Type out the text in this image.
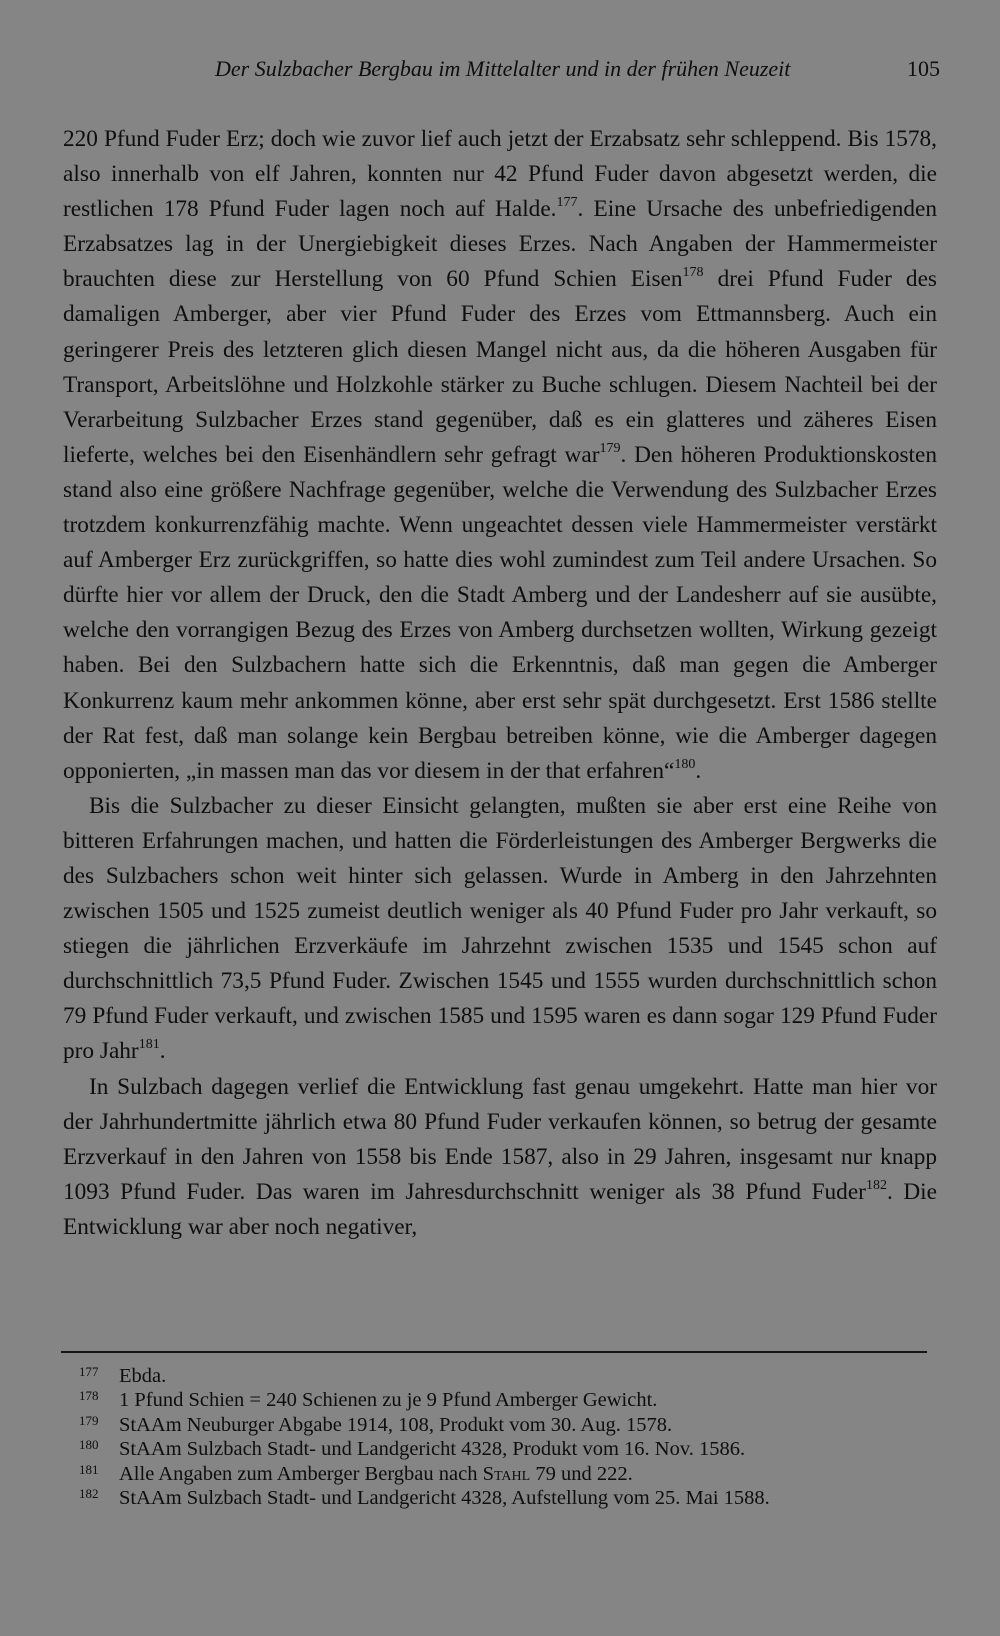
Der Sulzbacher Bergbau im Mittelalter und in der frühen Neuzeit	105

220 Pfund Fuder Erz; doch wie zuvor lief auch jetzt der Erzabsatz sehr schleppend. Bis 1578, also innerhalb von elf Jahren, konnten nur 42 Pfund Fuder davon abgesetzt werden, die restlichen 178 Pfund Fuder lagen noch auf Halde.$^{177}$. Eine Ursache des unbefriedigenden Erzabsatzes lag in der Unergiebigkeit dieses Erzes. Nach Angaben der Hammermeister brauchten diese zur Herstellung von 60 Pfund Schien Eisen$^{178}$ drei Pfund Fuder des damaligen Amberger, aber vier Pfund Fuder des Erzes vom Ettmannsberg. Auch ein geringerer Preis des letzteren glich diesen Mangel nicht aus, da die höheren Ausgaben für Transport, Arbeitslöhne und Holzkohle stärker zu Buche schlugen. Diesem Nachteil bei der Verarbeitung Sulzbacher Erzes stand gegenüber, daß es ein glatteres und zäheres Eisen lieferte, welches bei den Eisenhändlern sehr gefragt war$^{179}$. Den höheren Produktionskosten stand also eine größere Nachfrage gegenüber, welche die Verwendung des Sulzbacher Erzes trotzdem konkurrenzfähig machte. Wenn ungeachtet dessen viele Hammermeister verstärkt auf Amberger Erz zurückgriffen, so hatte dies wohl zumindest zum Teil andere Ursachen. So dürfte hier vor allem der Druck, den die Stadt Amberg und der Landesherr auf sie ausübte, welche den vorrangigen Bezug des Erzes von Amberg durchsetzen wollten, Wirkung gezeigt haben. Bei den Sulzbachern hatte sich die Erkenntnis, daß man gegen die Amberger Konkurrenz kaum mehr ankommen könne, aber erst sehr spät durchgesetzt. Erst 1586 stellte der Rat fest, daß man solange kein Bergbau betreiben könne, wie die Amberger dagegen opponierten, „in massen man das vor diesem in der that erfahren“$^{180}$.

Bis die Sulzbacher zu dieser Einsicht gelangten, mußten sie aber erst eine Reihe von bitteren Erfahrungen machen, und hatten die Förderleistungen des Amberger Bergwerks die des Sulzbachers schon weit hinter sich gelassen. Wurde in Amberg in den Jahrzehnten zwischen 1505 und 1525 zumeist deutlich weniger als 40 Pfund Fuder pro Jahr verkauft, so stiegen die jährlichen Erzverkäufe im Jahrzehnt zwischen 1535 und 1545 schon auf durchschnittlich 73,5 Pfund Fuder. Zwischen 1545 und 1555 wurden durchschnittlich schon 79 Pfund Fuder verkauft, und zwischen 1585 und 1595 waren es dann sogar 129 Pfund Fuder pro Jahr$^{181}$.

In Sulzbach dagegen verlief die Entwicklung fast genau umgekehrt. Hatte man hier vor der Jahrhundertmitte jährlich etwa 80 Pfund Fuder verkaufen können, so betrug der gesamte Erzverkauf in den Jahren von 1558 bis Ende 1587, also in 29 Jahren, insgesamt nur knapp 1093 Pfund Fuder. Das waren im Jahresdurchschnitt weniger als 38 Pfund Fuder$^{182}$. Die Entwicklung war aber noch negativer,

177 Ebda.
178 1 Pfund Schien = 240 Schienen zu je 9 Pfund Amberger Gewicht.
179 StAAm Neuburger Abgabe 1914, 108, Produkt vom 30. Aug. 1578.
180 StAAm Sulzbach Stadt- und Landgericht 4328, Produkt vom 16. Nov. 1586.
181 Alle Angaben zum Amberger Bergbau nach Stahl 79 und 222.
182 StAAm Sulzbach Stadt- und Landgericht 4328, Aufstellung vom 25. Mai 1588.
